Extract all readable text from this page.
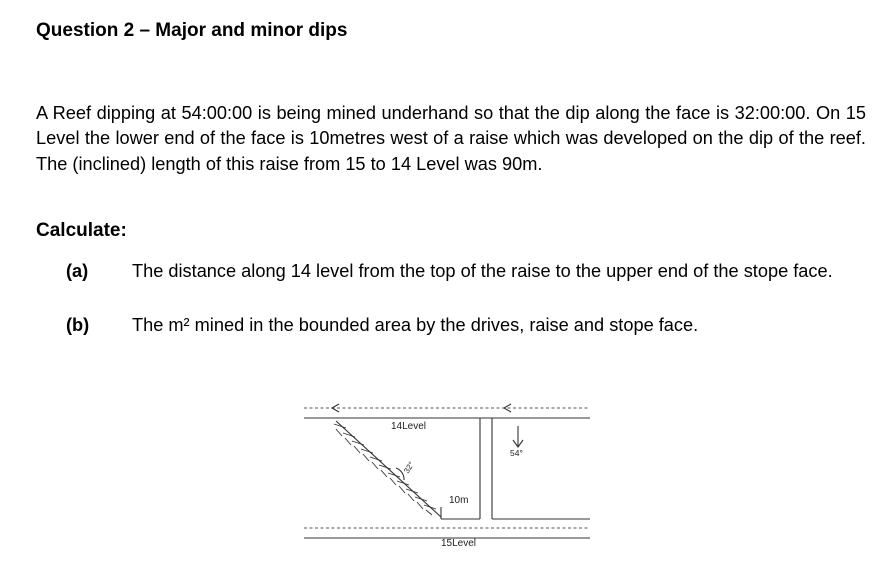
Question 2 – Major and minor dips
A Reef dipping at 54:00:00 is being mined underhand so that the dip along the face is 32:00:00. On 15 Level the lower end of the face is 10metres west of a raise which was developed on the dip of the reef. The (inclined) length of this raise from 15 to 14 Level was 90m.
Calculate:
(a) The distance along 14 level from the top of the raise to the upper end of the stope face.
(b) The m² mined in the bounded area by the drives, raise and stope face.
14Level
10m
15Level
54°
32°
